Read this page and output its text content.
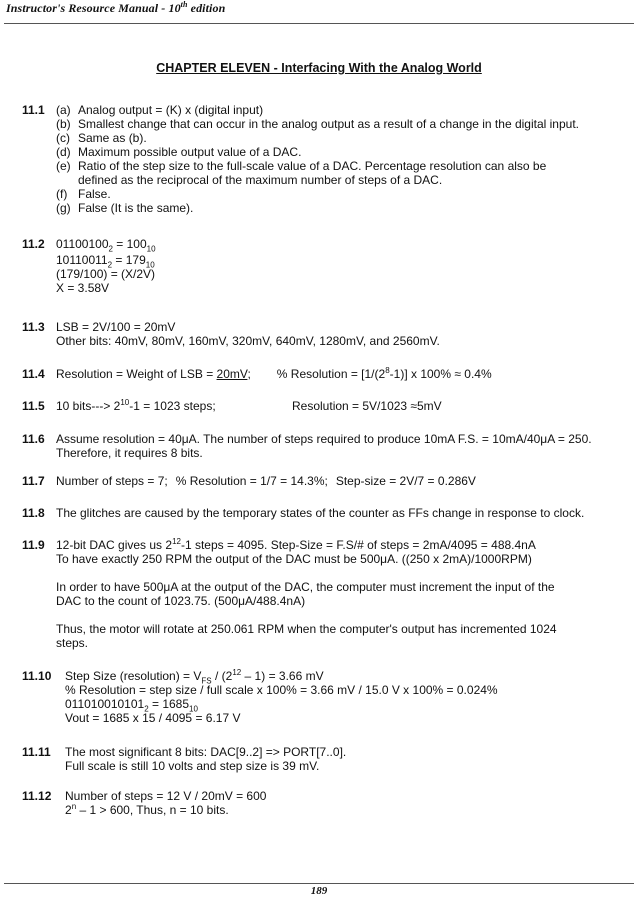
Instructor's Resource Manual - 10th edition
CHAPTER ELEVEN - Interfacing With the Analog World
11.1 (a) Analog output = (K) x (digital input)
(b) Smallest change that can occur in the analog output as a result of a change in the digital input.
(c) Same as (b).
(d) Maximum possible output value of a DAC.
(e) Ratio of the step size to the full-scale value of a DAC. Percentage resolution can also be
defined as the reciprocal of the maximum number of steps of a DAC.
(f) False.
(g) False (It is the same).
11.2 $01100100_2 = 100_{10}$
$10110011_2 = 179_{10}$
(179/100) = (X/2V)
X = 3.58V
11.3 LSB = 2V/100 = 20mV
Other bits: 40mV, 80mV, 160mV, 320mV, 640mV, 1280mV, and 2560mV.
11.4 Resolution = Weight of LSB = 20mV; % Resolution = $[1/(2^8-1)]$ x 100% ≈ 0.4%
11.5 10 bits---> $2^{10}-1 = 1023$ steps;	Resolution = 5V/1023 ≈5mV
11.6 Assume resolution = 40μA. The number of steps required to produce 10mA F.S. = 10mA/40μA = 250.
Therefore, it requires 8 bits.
11.7 Number of steps = 7; % Resolution = 1/7 = 14.3%; Step-size = 2V/7 = 0.286V
11.8 The glitches are caused by the temporary states of the counter as FFs change in response to clock.
11.9 12-bit DAC gives us $2^{12}-1$ steps = 4095. Step-Size = F.S/# of steps = 2mA/4095 = 488.4nA
To have exactly 250 RPM the output of the DAC must be 500μA. ((250 x 2mA)/1000RPM)
In order to have 500μA at the output of the DAC, the computer must increment the input of the
DAC to the count of 1023.75. (500μA/488.4nA)
Thus, the motor will rotate at 250.061 RPM when the computer's output has incremented 1024
steps.
11.10 Step Size (resolution) = $V_{FS} / (2^{12} - 1) = 3.66$ mV
% Resolution = step size / full scale x 100% = 3.66 mV / 15.0 V x 100% = 0.024%
$011010010101_2 = 1685_{10}$
Vout = 1685 x 15 / 4095 = 6.17 V
11.11 The most significant 8 bits: DAC[9..2] => PORT[7..0].
Full scale is still 10 volts and step size is 39 mV.
11.12 Number of steps = 12 V / 20mV = 600
2$^n$ – 1 > 600, Thus, n = 10 bits.
189
